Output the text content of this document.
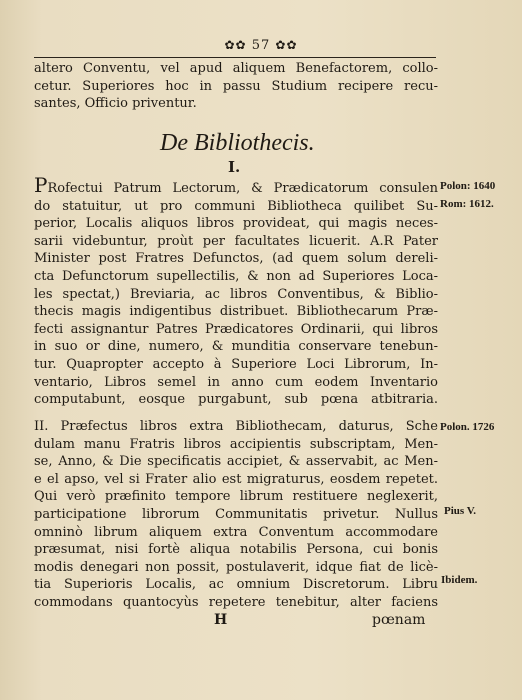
✿✿ 57 ✿✿
altero Conventu, vel apud aliquem Benefactorem, collo-
cetur. Superiores hoc in passu Studium recipere recu-
santes, Officio priventur.
De Bibliothecis.
I.
PRofectui Patrum Lectorum, & Prædicatorum consulen
do statuitur, ut pro communi Bibliotheca quilibet Su-
perior, Localis aliquos libros provideat, qui magis neces-
sarii videbuntur, proùt per facultates licuerit. A.R Pater
Minister post Fratres Defunctos, (ad quem solum dereli-
cta Defunctorum supellectilis, & non ad Superiores Loca-
les spectat,) Breviaria, ac libros Conventibus, & Biblio-
thecis magis indigentibus distribuet. Bibliothecarum Præ-
fecti assignantur Patres Prædicatores Ordinarii, qui libros
in suo or dine, numero, & munditia conservare tenebun-
tur. Quapropter accepto à Superiore Loci Librorum, In-
ventario, Libros semel in anno cum eodem Inventario
computabunt, eosque purgabunt, sub pœna atbitraria.
II. Præfectus libros extra Bibliothecam, daturus, Sche
dulam manu Fratris libros accipientis subscriptam, Men-
se, Anno, & Die specificatis accipiet, & asservabit, ac Men-
e el apso, vel si Frater alio est migraturus, eosdem repetet.
Qui verò præfinito tempore librum restituere neglexerit,
participatione librorum Communitatis privetur. Nullus
omninò librum aliquem extra Conventum accommodare
præsumat, nisi fortè aliqua notabilis Persona, cui bonis
modis denegari non possit, postulaverit, idque fiat de licè-
tia Superioris Localis, ac omnium Discretorum. Libru
commodans quantocyùs repetere tenebitur, alter faciens
Polon: 1640
Rom: 1612.
Polon. 1726
Pius V.
Ibidem.
H	pœnam
